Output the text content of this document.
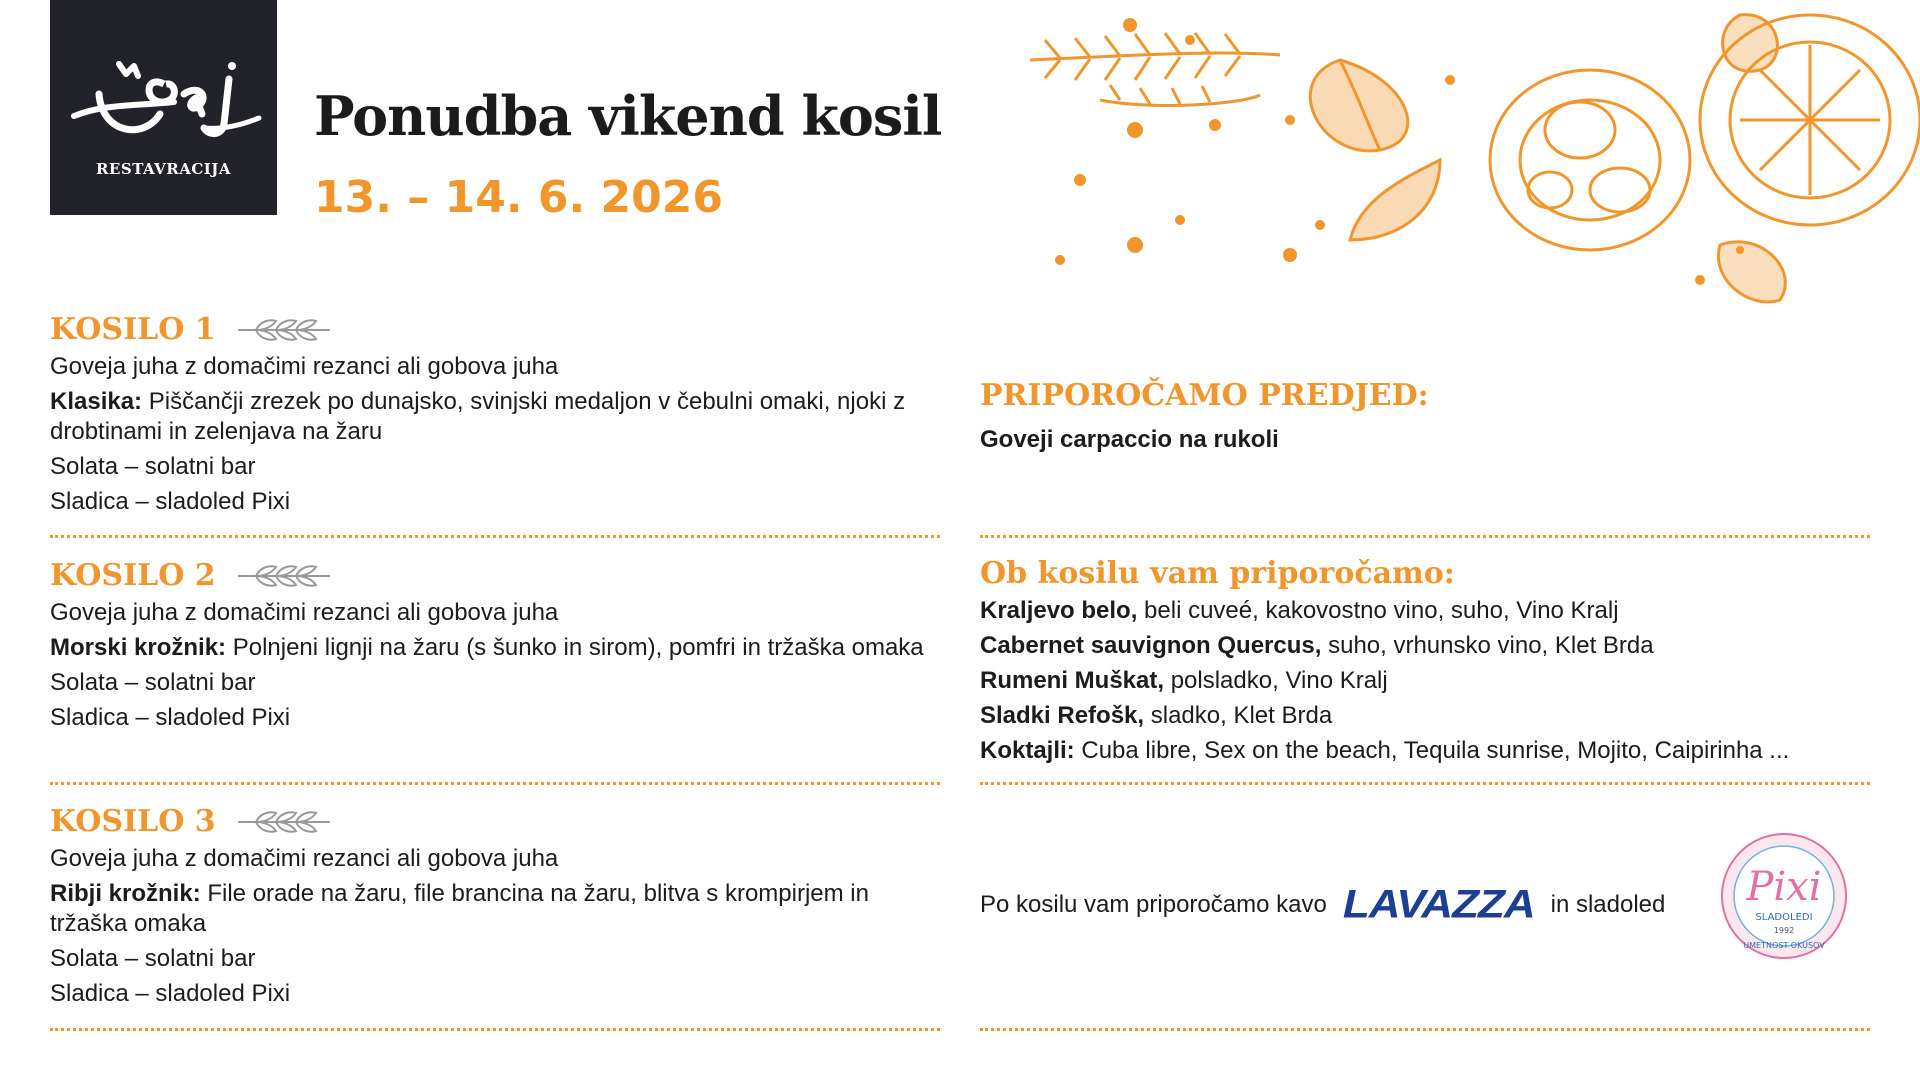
RESTAVRACIJA
Ponudba vikend kosil
13. – 14. 6. 2026
KOSILO 1
Goveja juha z domačimi rezanci ali gobova juha
Klasika: Piščančji zrezek po dunajsko, svinjski medaljon v čebulni omaki, njoki z drobtinami in zelenjava na žaru
Solata – solatni bar
Sladica – sladoled Pixi
KOSILO 2
Goveja juha z domačimi rezanci ali gobova juha
Morski krožnik: Polnjeni lignji na žaru (s šunko in sirom), pomfri in tržaška omaka
Solata – solatni bar
Sladica – sladoled Pixi
KOSILO 3
Goveja juha z domačimi rezanci ali gobova juha
Ribji krožnik: File orade na žaru, file brancina na žaru, blitva s krompirjem in tržaška omaka
Solata – solatni bar
Sladica – sladoled Pixi
PRIPOROČAMO PREDJED:
Goveji carpaccio na rukoli
Ob kosilu vam priporočamo:
Kraljevo belo, beli cuveé, kakovostno vino, suho, Vino Kralj
Cabernet sauvignon Quercus, suho, vrhunsko vino, Klet Brda
Rumeni Muškat, polsladko, Vino Kralj
Sladki Refošk, sladko, Klet Brda
Koktajli: Cuba libre, Sex on the beach, Tequila sunrise, Mojito, Caipirinha ...
Po kosilu vam priporočamo kavo LAVAZZA in sladoled Pixi
SLADOLEDI
1992
UMETNOST OKUSOV
